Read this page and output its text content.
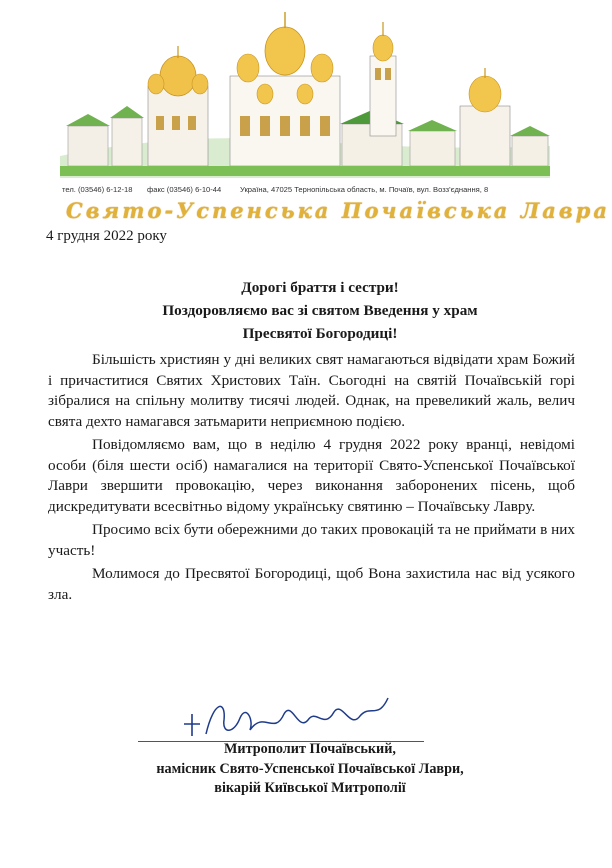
тел. (03546) 6-12-18 факс (03546) 6-10-44 Україна, 47025 Тернопільська область, м. Почаїв, вул. Возз'єднання, 8
Свято-Успенська Почаївська Лавра
4 грудня 2022 року
Дорогі браття і сестри!
Поздоровляємо вас зі святом Введення у храм
Пресвятої Богородиці!

Більшість християн у дні великих свят намагаються відвідати храм Божий і причаститися Святих Христових Таїн. Сьогодні на святій Почаївській горі зібралися на спільну молитву тисячі людей. Однак, на превеликий жаль, велич свята дехто намагався затьмарити неприємною подією.

Повідомляємо вам, що в неділю 4 грудня 2022 року вранці, невідомі особи (біля шести осіб) намагалися на території Свято-Успенської Почаївської Лаври звершити провокацію, через виконання заборонених пісень, щоб дискредитувати всесвітньо відому українську святиню – Почаївську Лавру.

Просимо всіх бути обережними до таких провокацій та не приймати в них участь!

Молимося до Пресвятої Богородиці, щоб Вона захистила нас від усякого зла.

Митрополит Почаївський,
намісник Свято-Успенської Почаївської Лаври,
вікарій Київської Митрополії
